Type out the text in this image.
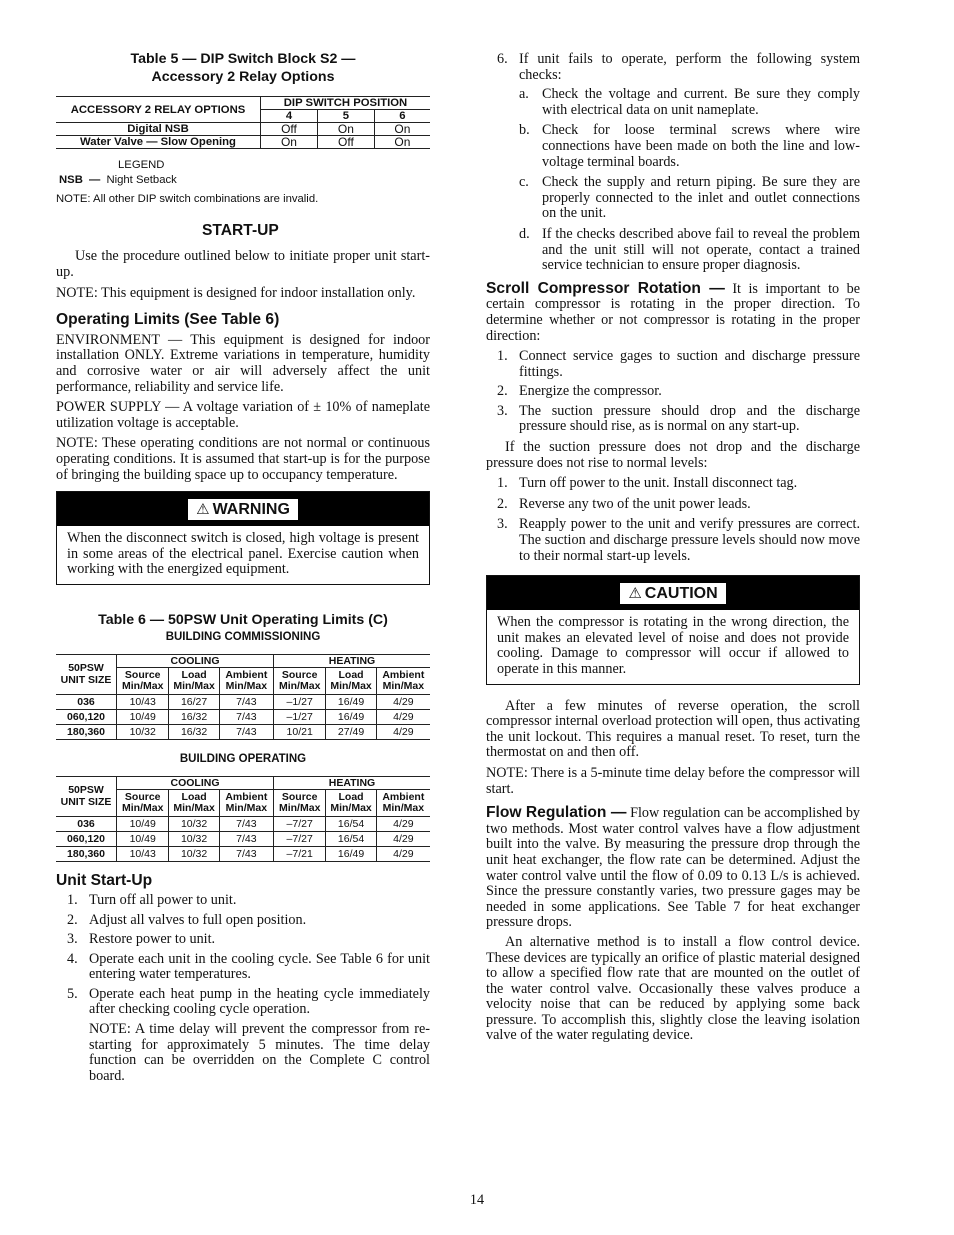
Table 5 — DIP Switch Block S2 —
Accessory 2 Relay Options
ACCESSORY 2 RELAY OPTIONS	DIP SWITCH POSITION		
	4	5	6
Digital NSB	Off	On	On
Water Valve — Slow Opening	On	Off	On
LEGEND
NSB — Night Setback
NOTE: All other DIP switch combinations are invalid.
START-UP

Use the procedure outlined below to initiate proper unit start-up.

NOTE: This equipment is designed for indoor installation only.

Operating Limits (See Table 6)

ENVIRONMENT — This equipment is designed for indoor installation ONLY. Extreme variations in temperature, humidity and corrosive water or air will adversely affect the unit performance, reliability and service life.

POWER SUPPLY — A voltage variation of ± 10% of nameplate utilization voltage is acceptable.

NOTE: These operating conditions are not normal or continuous operating conditions. It is assumed that start-up is for the purpose of bringing the building space up to occupancy temperature.

⚠ WARNING

When the disconnect switch is closed, high voltage is present in some areas of the electrical panel. Exercise caution when working with the energized equipment.

Table 6 — 50PSW Unit Operating Limits (C)
BUILDING COMMISSIONING
50PSW UNIT SIZE	COOLING			HEATING		
	Source Min/Max	Load Min/Max	Ambient Min/Max	Source Min/Max	Load Min/Max	Ambient Min/Max
036	10/43	16/27	7/43	–1/27	16/49	4/29
060,120	10/49	16/32	7/43	–1/27	16/49	4/29
180,360	10/32	16/32	7/43	10/21	27/49	4/29
BUILDING OPERATING
50PSW UNIT SIZE	COOLING			HEATING		
	Source Min/Max	Load Min/Max	Ambient Min/Max	Source Min/Max	Load Min/Max	Ambient Min/Max
036	10/49	10/32	7/43	–7/27	16/54	4/29
060,120	10/49	10/32	7/43	–7/27	16/54	4/29
180,360	10/43	10/32	7/43	–7/21	16/49	4/29
Unit Start-Up
1. Turn off all power to unit.
2. Adjust all valves to full open position.
3. Restore power to unit.
4. Operate each unit in the cooling cycle. See Table 6 for unit entering water temperatures.
5. Operate each heat pump in the heating cycle immediately after checking cooling cycle operation.

NOTE: A time delay will prevent the compressor from re-starting for approximately 5 minutes. The time delay function can be overridden on the Complete C control board.

6. If unit fails to operate, perform the following system checks:
a. Check the voltage and current. Be sure they comply with electrical data on unit nameplate.
b. Check for loose terminal screws where wire connections have been made on both the line and low-voltage terminal boards.
c. Check the supply and return piping. Be sure they are properly connected to the inlet and outlet connections on the unit.
d. If the checks described above fail to reveal the problem and the unit still will not operate, contact a trained service technician to ensure proper diagnosis.

Scroll Compressor Rotation — It is important to be certain compressor is rotating in the proper direction. To determine whether or not compressor is rotating in the proper direction:

1. Connect service gages to suction and discharge pressure fittings.
2. Energize the compressor.
3. The suction pressure should drop and the discharge pressure should rise, as is normal on any start-up.

If the suction pressure does not drop and the discharge pressure does not rise to normal levels:

1. Turn off power to the unit. Install disconnect tag.
2. Reverse any two of the unit power leads.
3. Reapply power to the unit and verify pressures are correct. The suction and discharge pressure levels should now move to their normal start-up levels.
⚠ CAUTION

When the compressor is rotating in the wrong direction, the unit makes an elevated level of noise and does not provide cooling. Damage to compressor will occur if allowed to operate in this manner.

After a few minutes of reverse operation, the scroll compressor internal overload protection will open, thus activating the unit lockout. This requires a manual reset. To reset, turn the thermostat on and then off.

NOTE: There is a 5-minute time delay before the compressor will start.

Flow Regulation — Flow regulation can be accomplished by two methods. Most water control valves have a flow adjustment built into the valve. By measuring the pressure drop through the unit heat exchanger, the flow rate can be determined. Adjust the water control valve until the flow of 0.09 to 0.13 L/s is achieved. Since the pressure constantly varies, two pressure gages may be needed in some applications. See Table 7 for heat exchanger pressure drops.

An alternative method is to install a flow control device. These devices are typically an orifice of plastic material designed to allow a specified flow rate that are mounted on the outlet of the water control valve. Occasionally these valves produce a velocity noise that can be reduced by applying some back pressure. To accomplish this, slightly close the leaving isolation valve of the water regulating device.

14
